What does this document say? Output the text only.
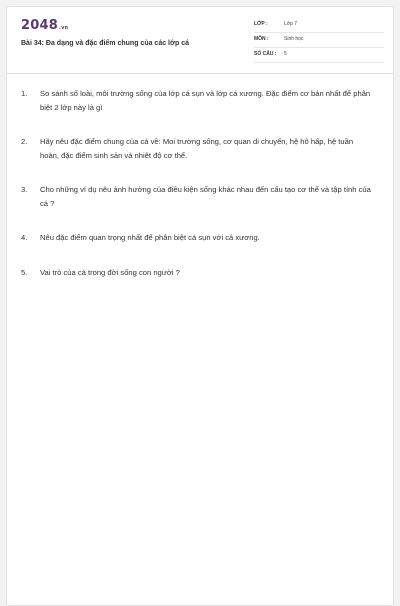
2048.vn
Bài 34: Đa dạng và đặc điểm chung của các lớp cá
LỚP :	Lớp 7
MÔN :	Sinh học
SỐ CÂU : 5
1.	So sánh số loài, môi trường sống của lớp cá sụn và lớp cá xương. Đặc điểm cơ bản nhất để phân biệt 2 lớp này là gì
2.	Hãy nêu đặc điểm chung của cá về: Moi trường sống, cơ quan di chuyển, hệ hô hấp, hệ tuần hoàn, đặc điểm sinh sản và nhiệt độ cơ thể.
3.	Cho những ví dụ nêu ảnh hưởng của điều kiện sống khác nhau đến cấu tạo cơ thể và tập tính của cá ?
4.	Nêu đặc điểm quan trọng nhất để phân biệt cá sụn với cá xương.
5.	Vai trò của cá trong đời sống con người ?
